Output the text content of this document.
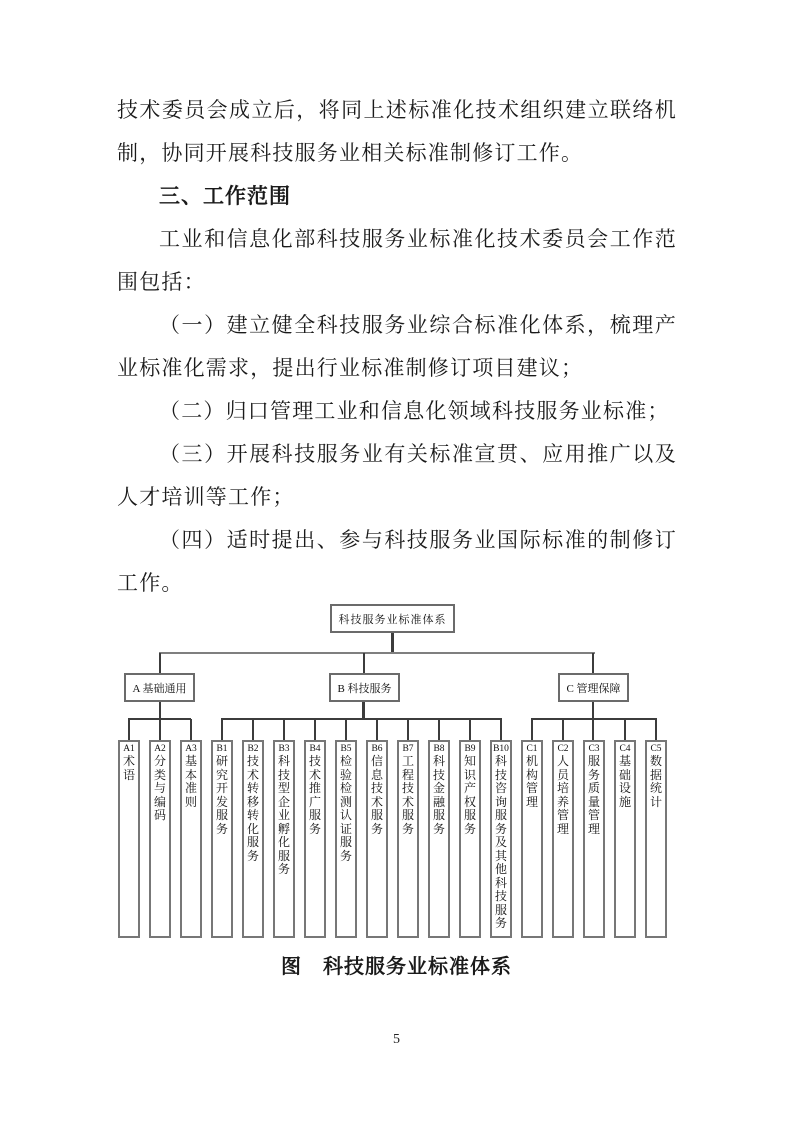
技术委员会成立后，将同上述标准化技术组织建立联络机制，协同开展科技服务业相关标准制修订工作。

三、工作范围

工业和信息化部科技服务业标准化技术委员会工作范围包括：

（一）建立健全科技服务业综合标准化体系，梳理产业标准化需求，提出行业标准制修订项目建议；

（二）归口管理工业和信息化领域科技服务业标准；

（三）开展科技服务业有关标准宣贯、应用推广以及人才培训等工作；

（四）适时提出、参与科技服务业国际标准的制修订工作。

科技服务业标准体系
A 基础通用	B 科技服务	C 管理保障
A1
术语
A2
分类与编码
A3
基本准则
B1
研究开发服务
B2
技术转移转化服务
B3
科技型企业孵化服务
B4
技术推广服务
B5
检验检测认证服务
B6
信息技术服务
B7
工程技术服务
B8
科技金融服务
B9
知识产权服务
B10
科技咨询服务及其他科技服务
C1
机构管理
C2
人员培养管理
C3
服务质量管理
C4
基础设施
C5
数据统计
图　科技服务业标准体系
5
